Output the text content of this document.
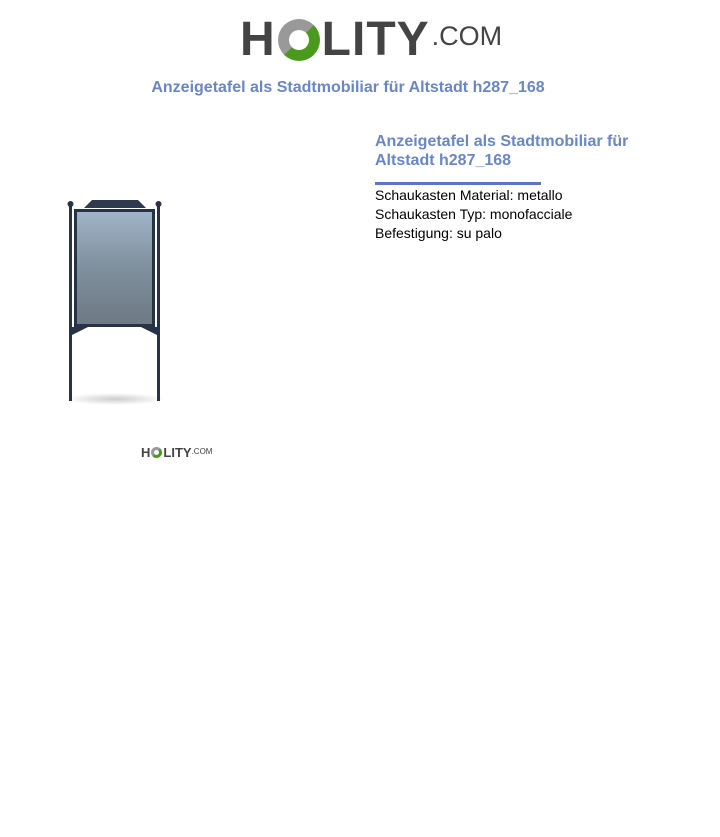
H LITY .COM
Anzeigetafel als Stadtmobiliar für Altstadt h287_168
H LITY .COM
Anzeigetafel als Stadtmobiliar für Altstadt h287_168
Schaukasten Material: metallo
Schaukasten Typ: monofacciale
Befestigung: su palo
